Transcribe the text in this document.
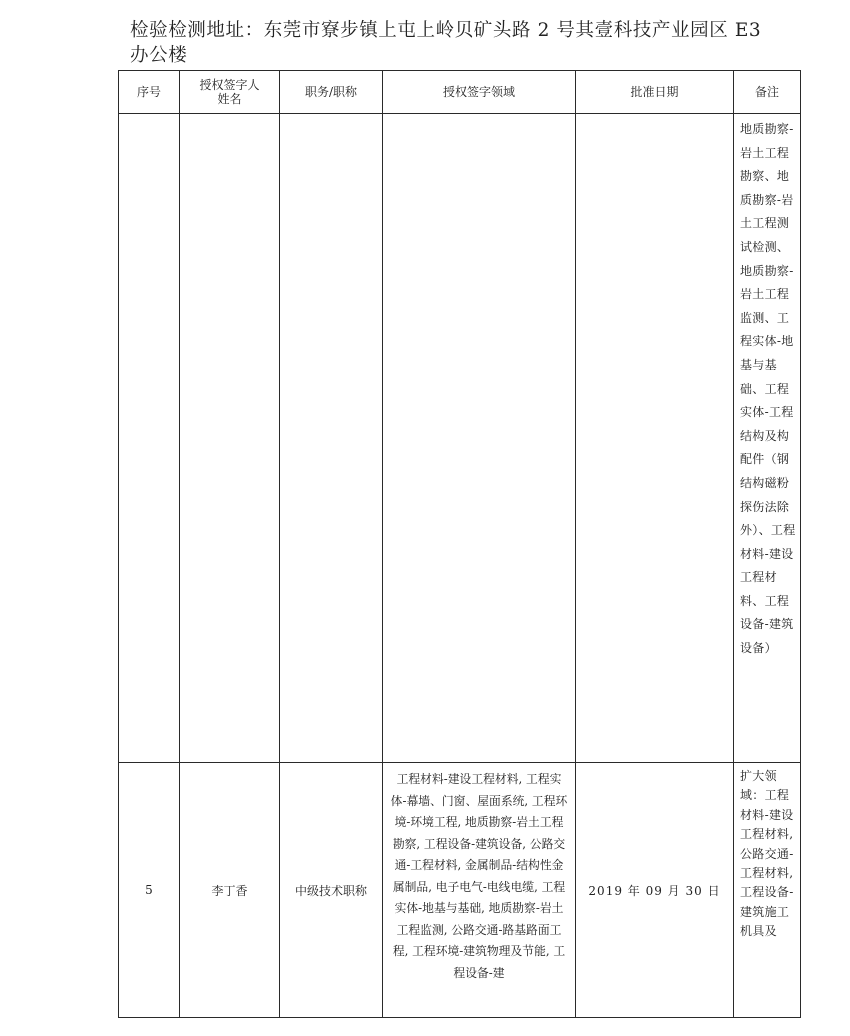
检验检测地址：东莞市寮步镇上屯上岭贝矿头路 2 号其壹科技产业园区 E3
办公楼
序号	授权签字人姓名	职务/职称	授权签字领域	批准日期	备注

					地质勘察-岩土工程勘察、地质勘察-岩土工程测试检测、地质勘察-岩土工程监测、工程实体-地基与基础、工程实体-工程结构及构配件（钢结构磁粉探伤法除外）、工程材料-建设工程材料、工程设备-建筑设备）

5	李丁香	中级技术职称	工程材料-建设工程材料, 工程实体-幕墙、门窗、屋面系统, 工程环境-环境工程, 地质勘察-岩土工程勘察, 工程设备-建筑设备, 公路交通-工程材料, 金属制品-结构性金属制品, 电子电气-电线电缆, 工程实体-地基与基础, 地质勘察-岩土工程监测, 公路交通-路基路面工程, 工程环境-建筑物理及节能, 工程设备-建	2019 年 09 月 30 日	扩大领域：工程材料-建设工程材料, 公路交通-工程材料, 工程设备-建筑施工机具及
